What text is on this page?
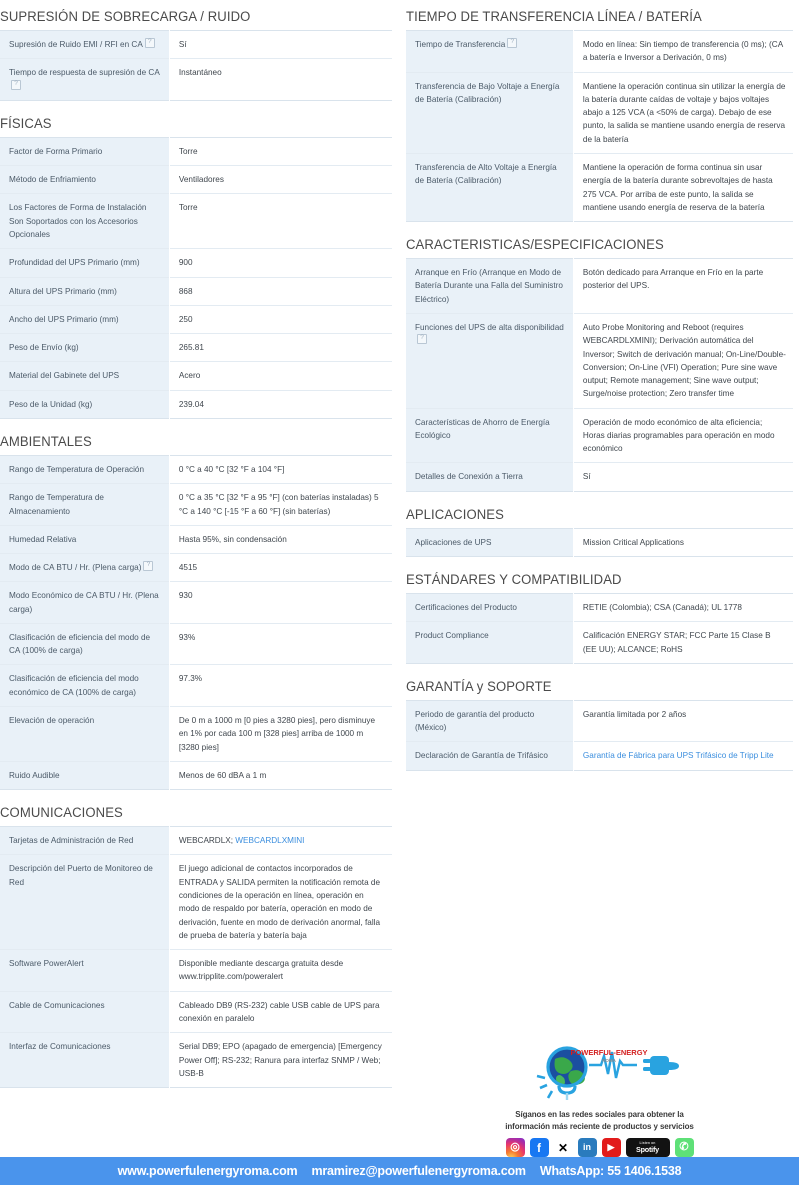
SUPRESIÓN DE SOBRECARGA / RUIDO
Supresión de Ruido EMI / RFI en CA?	Sí
Tiempo de respuesta de supresión de CA?	Instantáneo
FÍSICAS
Factor de Forma Primario	Torre
Método de Enfriamiento	Ventiladores
Los Factores de Forma de Instalación Son Soportados con los Accesorios Opcionales	Torre
Profundidad del UPS Primario (mm)	900
Altura del UPS Primario (mm)	868
Ancho del UPS Primario (mm)	250
Peso de Envío (kg)	265.81
Material del Gabinete del UPS	Acero
Peso de la Unidad (kg)	239.04
AMBIENTALES
Rango de Temperatura de Operación	0 °C a 40 °C [32 °F a 104 °F]
Rango de Temperatura de Almacenamiento	0 °C a 35 °C [32 °F a 95 °F] (con baterías instaladas) 5 °C a 140 °C [-15 °F a 60 °F] (sin baterías)
Humedad Relativa	Hasta 95%, sin condensación
Modo de CA BTU / Hr. (Plena carga)?	4515
Modo Económico de CA BTU / Hr. (Plena carga)	930
Clasificación de eficiencia del modo de CA (100% de carga)	93%
Clasificación de eficiencia del modo económico de CA (100% de carga)	97.3%
Elevación de operación	De 0 m a 1000 m [0 pies a 3280 pies], pero disminuye en 1% por cada 100 m [328 pies] arriba de 1000 m [3280 pies]
Ruido Audible	Menos de 60 dBA a 1 m
COMUNICACIONES
Tarjetas de Administración de Red	WEBCARDLX; WEBCARDLXMINI
Descripción del Puerto de Monitoreo de Red	El juego adicional de contactos incorporados de ENTRADA y SALIDA permiten la notificación remota de condiciones de la operación en línea, operación en modo de respaldo por batería, operación en modo de derivación, fuente en modo de derivación anormal, falla de prueba de batería y batería baja
Software PowerAlert	Disponible mediante descarga gratuita desde www.tripplite.com/poweralert
Cable de Comunicaciones	Cableado DB9 (RS-232) cable USB cable de UPS para conexión en paralelo
Interfaz de Comunicaciones	Serial DB9; EPO (apagado de emergencia) [Emergency Power Off]; RS-232; Ranura para interfaz SNMP / Web; USB-B
TIEMPO DE TRANSFERENCIA LÍNEA / BATERÍA
Tiempo de Transferencia?	Modo en línea: Sin tiempo de transferencia (0 ms); (CA a batería e Inversor a Derivación, 0 ms)
Transferencia de Bajo Voltaje a Energía de Batería (Calibración)	Mantiene la operación continua sin utilizar la energía de la batería durante caídas de voltaje y bajos voltajes abajo a 125 VCA (a <50% de carga). Debajo de ese punto, la salida se mantiene usando energía de reserva de la batería
Transferencia de Alto Voltaje a Energía de Batería (Calibración)	Mantiene la operación de forma continua sin usar energía de la batería durante sobrevoltajes de hasta 275 VCA. Por arriba de este punto, la salida se mantiene usando energía de reserva de la batería
CARACTERISTICAS/ESPECIFICACIONES
Arranque en Frío (Arranque en Modo de Batería Durante una Falla del Suministro Eléctrico)	Botón dedicado para Arranque en Frío en la parte posterior del UPS.
Funciones del UPS de alta disponibilidad?	Auto Probe Monitoring and Reboot (requires WEBCARDLXMINI); Derivación automática del Inversor; Switch de derivación manual; On-Line/Double-Conversion; On-Line (VFI) Operation; Pure sine wave output; Remote management; Sine wave output; Surge/noise protection; Zero transfer time
Características de Ahorro de Energía Ecológico	Operación de modo económico de alta eficiencia; Horas diarias programables para operación en modo económico
Detalles de Conexión a Tierra	Sí
APLICACIONES
Aplicaciones de UPS	Mission Critical Applications
ESTÁNDARES Y COMPATIBILIDAD
Certificaciones del Producto	RETIE (Colombia); CSA (Canadá); UL 1778
Product Compliance	Calificación ENERGY STAR; FCC Parte 15 Clase B (EE UU); ALCANCE; RoHS
GARANTÍA y SOPORTE
Periodo de garantía del producto (México)	Garantía limitada por 2 años
Declaración de Garantía de Trifásico	Garantía de Fábrica para UPS Trifásico de Tripp Lite
POWERFUL-ENERGY
ROMA
Síganos en las redes sociales para obtener la
información más reciente de productos y servicios
◎ f ✕ in ▶	Listen on
Spotify ✆
www.powerfulenergyroma.com mramirez@powerfulenergyroma.com WhatsApp: 55 1406.1538
